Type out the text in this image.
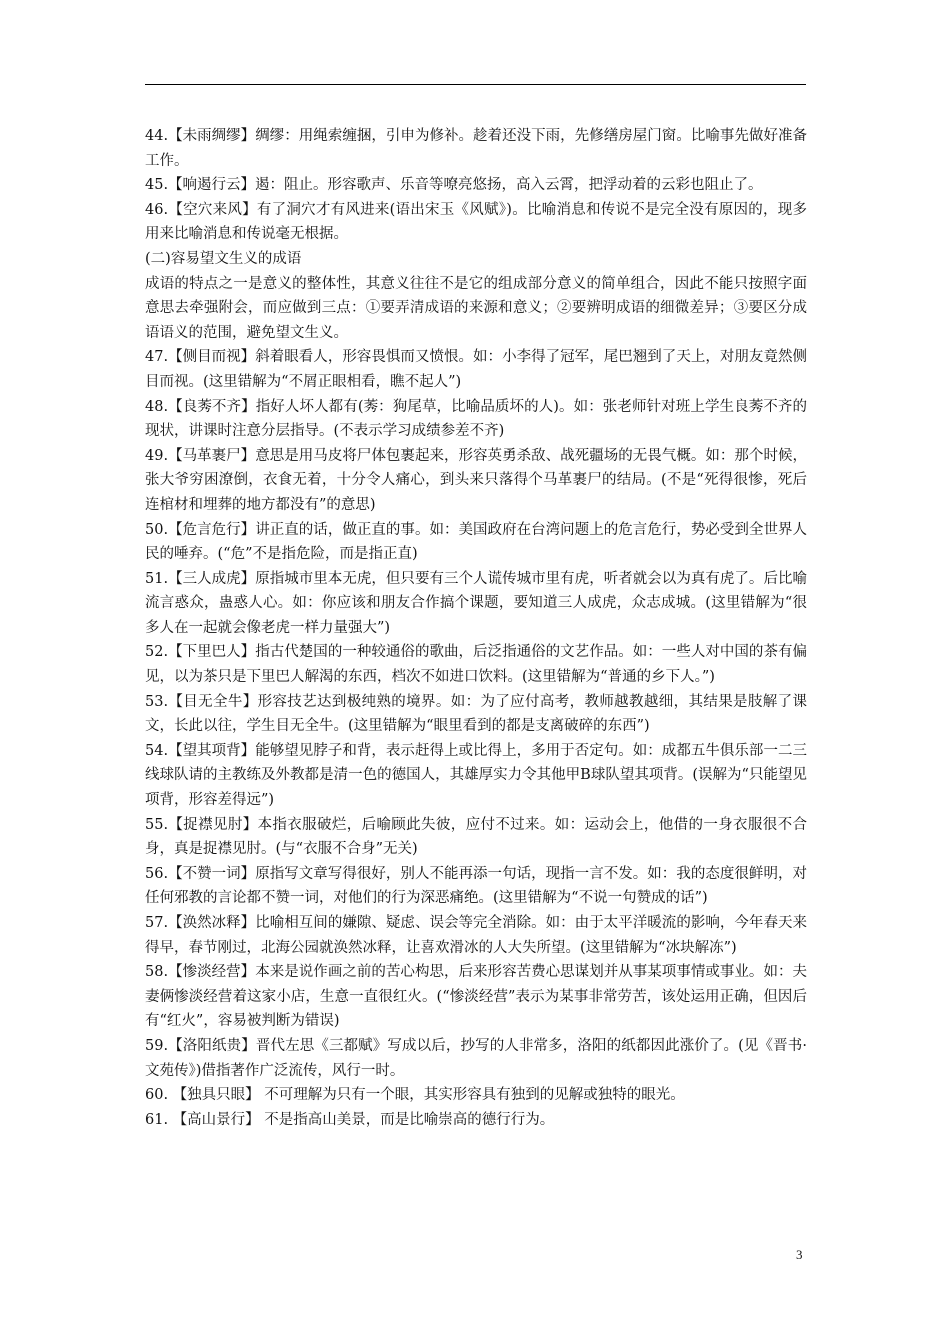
44.【未雨绸缪】绸缪：用绳索缠捆，引申为修补。趁着还没下雨，先修缮房屋门窗。比喻事先做好准备工作。

45.【响遏行云】遏：阻止。形容歌声、乐音等嘹亮悠扬，高入云霄，把浮动着的云彩也阻止了。

46.【空穴来风】有了洞穴才有风进来(语出宋玉《风赋》)。比喻消息和传说不是完全没有原因的，现多用来比喻消息和传说毫无根据。

(二)容易望文生义的成语

成语的特点之一是意义的整体性，其意义往往不是它的组成部分意义的简单组合，因此不能只按照字面意思去牵强附会，而应做到三点：①要弄清成语的来源和意义；②要辨明成语的细微差异；③要区分成语语义的范围，避免望文生义。

47.【侧目而视】斜着眼看人，形容畏惧而又愤恨。如：小李得了冠军，尾巴翘到了天上，对朋友竟然侧目而视。(这里错解为“不屑正眼相看，瞧不起人”)

48.【良莠不齐】指好人坏人都有(莠：狗尾草，比喻品质坏的人)。如：张老师针对班上学生良莠不齐的现状，讲课时注意分层指导。(不表示学习成绩参差不齐)

49.【马革裹尸】意思是用马皮将尸体包裹起来，形容英勇杀敌、战死疆场的无畏气概。如：那个时候，张大爷穷困潦倒，衣食无着，十分令人痛心，到头来只落得个马革裹尸的结局。(不是“死得很惨，死后连棺材和埋葬的地方都没有”的意思)

50.【危言危行】讲正直的话，做正直的事。如：美国政府在台湾问题上的危言危行，势必受到全世界人民的唾弃。(“危”不是指危险，而是指正直)

51.【三人成虎】原指城市里本无虎，但只要有三个人谎传城市里有虎，听者就会以为真有虎了。后比喻流言惑众，蛊惑人心。如：你应该和朋友合作搞个课题，要知道三人成虎，众志成城。(这里错解为“很多人在一起就会像老虎一样力量强大”)

52.【下里巴人】指古代楚国的一种较通俗的歌曲，后泛指通俗的文艺作品。如：一些人对中国的茶有偏见，以为茶只是下里巴人解渴的东西，档次不如进口饮料。(这里错解为“普通的乡下人。”)

53.【目无全牛】形容技艺达到极纯熟的境界。如：为了应付高考，教师越教越细，其结果是肢解了课文，长此以往，学生目无全牛。(这里错解为“眼里看到的都是支离破碎的东西”)

54.【望其项背】能够望见脖子和背，表示赶得上或比得上，多用于否定句。如：成都五牛俱乐部一二三线球队请的主教练及外教都是清一色的德国人，其雄厚实力令其他甲B球队望其项背。(误解为“只能望见项背，形容差得远”)

55.【捉襟见肘】本指衣服破烂，后喻顾此失彼，应付不过来。如：运动会上，他借的一身衣服很不合身，真是捉襟见肘。(与“衣服不合身”无关)

56.【不赞一词】原指写文章写得很好，别人不能再添一句话，现指一言不发。如：我的态度很鲜明，对任何邪教的言论都不赞一词，对他们的行为深恶痛绝。(这里错解为“不说一句赞成的话”)

57.【涣然冰释】比喻相互间的嫌隙、疑虑、误会等完全消除。如：由于太平洋暖流的影响，今年春天来得早，春节刚过，北海公园就涣然冰释，让喜欢滑冰的人大失所望。(这里错解为“冰块解冻”)

58.【惨淡经营】本来是说作画之前的苦心构思，后来形容苦费心思谋划并从事某项事情或事业。如：夫妻俩惨淡经营着这家小店，生意一直很红火。(“惨淡经营”表示为某事非常劳苦，该处运用正确，但因后有“红火”，容易被判断为错误)

59.【洛阳纸贵】晋代左思《三都赋》写成以后，抄写的人非常多，洛阳的纸都因此涨价了。(见《晋书·文苑传》)借指著作广泛流传，风行一时。

60. 【独具只眼】 不可理解为只有一个眼，其实形容具有独到的见解或独特的眼光。

61. 【高山景行】 不是指高山美景，而是比喻崇高的德行行为。

3
